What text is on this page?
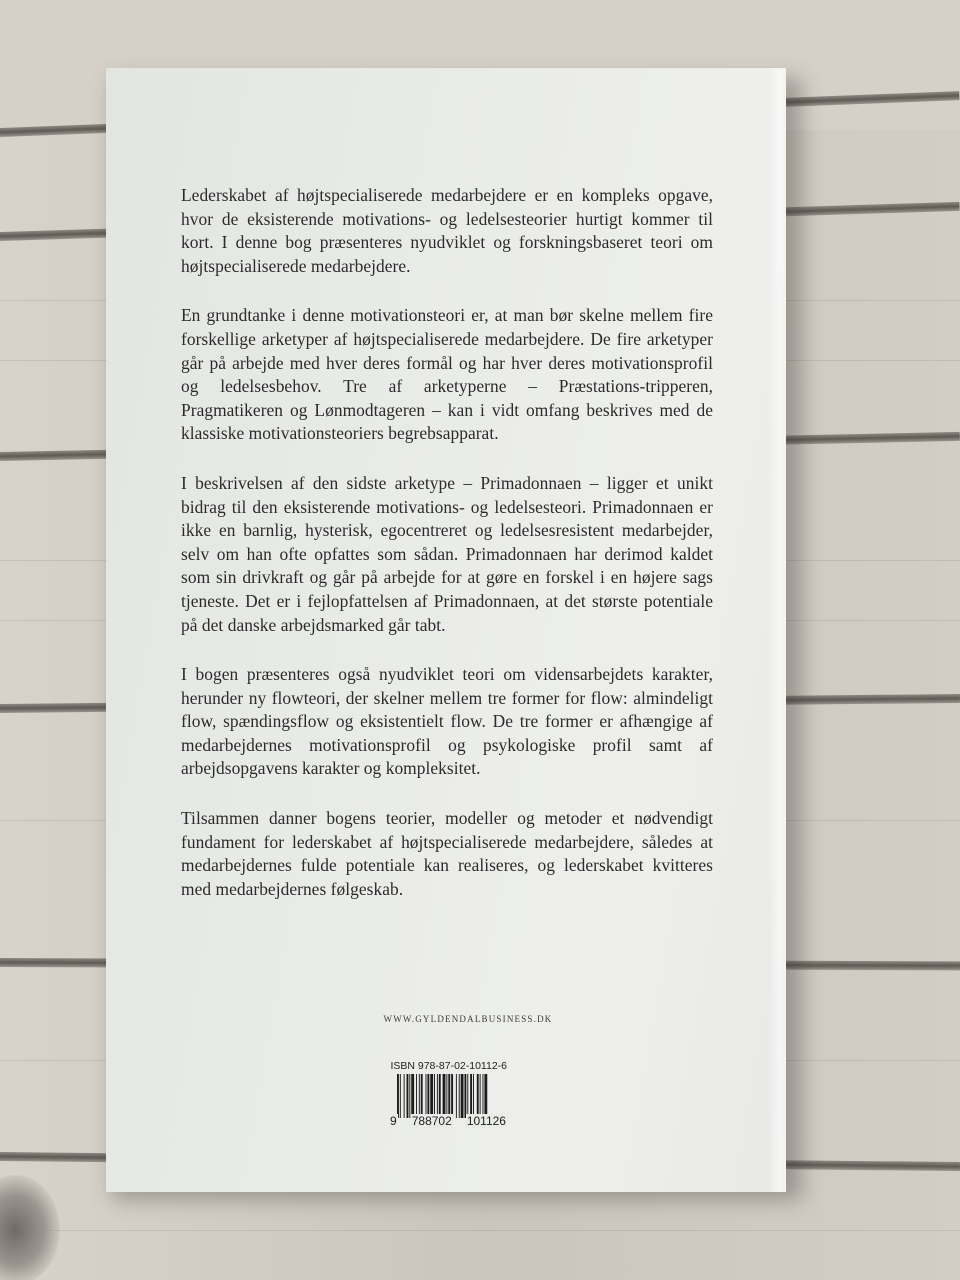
Lederskabet af højtspecialiserede medarbejdere er en kompleks opgave, hvor de eksisterende motivations- og ledelsesteorier hurtigt kommer til kort. I denne bog præsenteres nyudviklet og forskningsbaseret teori om højtspecialiserede medarbejdere.

En grundtanke i denne motivationsteori er, at man bør skelne mellem fire forskellige arketyper af højtspecialiserede medarbejdere. De fire arketyper går på arbejde med hver deres formål og har hver deres motivationsprofil og ledelsesbehov. Tre af arketyperne – Præstations-tripperen, Pragmatikeren og Lønmodtageren – kan i vidt omfang beskrives med de klassiske motivationsteoriers begrebsapparat.

I beskrivelsen af den sidste arketype – Primadonnaen – ligger et unikt bidrag til den eksisterende motivations- og ledelsesteori. Primadonnaen er ikke en barnlig, hysterisk, egocentreret og ledelsesresistent medarbejder, selv om han ofte opfattes som sådan. Primadonnaen har derimod kaldet som sin drivkraft og går på arbejde for at gøre en forskel i en højere sags tjeneste. Det er i fejlopfattelsen af Primadonnaen, at det største potentiale på det danske arbejdsmarked går tabt.

I bogen præsenteres også nyudviklet teori om vidensarbejdets karakter, herunder ny flowteori, der skelner mellem tre former for flow: almindeligt flow, spændingsflow og eksistentielt flow. De tre former er afhængige af medarbejdernes motivationsprofil og psykologiske profil samt af arbejdsopgavens karakter og kompleksitet.

Tilsammen danner bogens teorier, modeller og metoder et nødvendigt fundament for lederskabet af højtspecialiserede medarbejdere, således at medarbejdernes fulde potentiale kan realiseres, og lederskabet kvitteres med medarbejdernes følgeskab.

WWW.GYLDENDALBUSINESS.DK
ISBN 978-87-02-10112-6
9 788702 101126
